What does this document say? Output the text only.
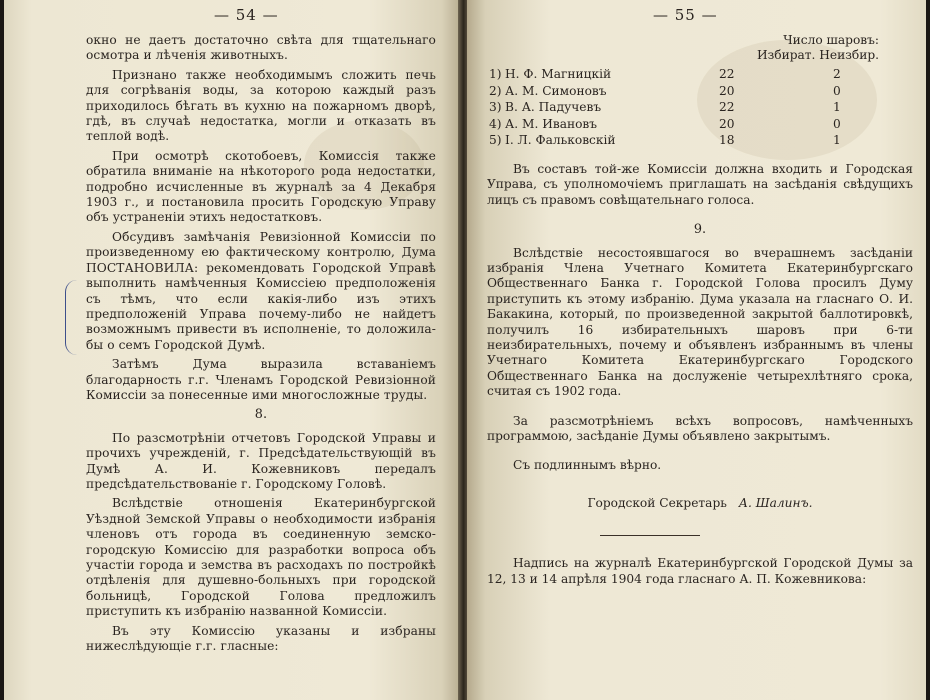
— 54 —

окно не даетъ достаточно свѣта для тщательнаго осмотра и лѣченія животныхъ.

Признано также необходимымъ сложить печь для согрѣванія воды, за которою каждый разъ приходилось бѣгать въ кухню на пожарномъ дворѣ, гдѣ, въ случаѣ недостатка, могли и отказать въ теплой водѣ.

При осмотрѣ скотобоевъ, Комиссія также обратила вниманіе на нѣкоторого рода недостатки, подробно исчисленные въ журналѣ за 4 Декабря 1903 г., и постановила просить Городскую Управу объ устраненіи этихъ недостатковъ.

Обсудивъ замѣчанія Ревизіонной Комиссіи по произведенному ею фактическому контролю, Дума ПОСТАНОВИЛА: рекомендовать Городской Управѣ выполнить намѣченныя Комиссіею предположенія съ тѣмъ, что если какія-либо изъ этихъ предположеній Управа почему-либо не найдетъ возможнымъ привести въ исполненіе, то доложила-бы о семъ Городской Думѣ.

Затѣмъ Дума выразила вставаніемъ благодарность г.г. Членамъ Городской Ревизіонной Комиссіи за понесенные ими многосложные труды.

8.

По разсмотрѣніи отчетовъ Городской Управы и прочихъ учрежденій, г. Предсѣдательствующій въ Думѣ А. И. Кожевниковъ передалъ предсѣдательствованіе г. Городскому Головѣ.

Вслѣдствіе отношенія Екатеринбургской Уѣздной Земской Управы о необходимости избранія членовъ отъ города въ соединенную земско-городскую Комиссію для разработки вопроса объ участіи города и земства въ расходахъ по постройкѣ отдѣленія для душевно-больныхъ при городской больницѣ, Городской Голова предложилъ приступить къ избранію названной Комиссіи.

Въ эту Комиссію указаны и избраны нижеслѣдующіе г.г. гласные:

— 55 —
Число шаровъ:
Избират. Неизбир.
1) Н. Ф. Магницкій	22	2
2) А. М. Симоновъ	20	0
3) В. А. Падучевъ	22	1
4) А. М. Ивановъ	20	0
5) І. Л. Фальковскій	18	1

Въ составъ той-же Комиссіи должна входить и Городская Управа, съ уполномочіемъ приглашать на засѣданія свѣдущихъ лицъ съ правомъ совѣщательнаго голоса.

9.

Вслѣдствіе несостоявшагося во вчерашнемъ засѣданіи избранія Члена Учетнаго Комитета Екатеринбургскаго Общественнаго Банка г. Городской Голова просилъ Думу приступить къ этому избранію. Дума указала на гласнаго О. И. Бакакина, который, по произведенной закрытой баллотировкѣ, получилъ 16 избирательныхъ шаровъ при 6-ти неизбирательныхъ, почему и объявленъ избраннымъ въ члены Учетнаго Комитета Екатеринбургскаго Городского Общественнаго Банка на дослуженіе четырехлѣтняго срока, считая съ 1902 года.

За разсмотрѣніемъ всѣхъ вопросовъ, намѣченныхъ программою, засѣданіе Думы объявлено закрытымъ.

Съ подлиннымъ вѣрно.

Городской Секретарь А. Шалинъ.

Надпись на журналѣ Екатеринбургской Городской Думы за 12, 13 и 14 апрѣля 1904 года гласнаго А. П. Кожевникова:
